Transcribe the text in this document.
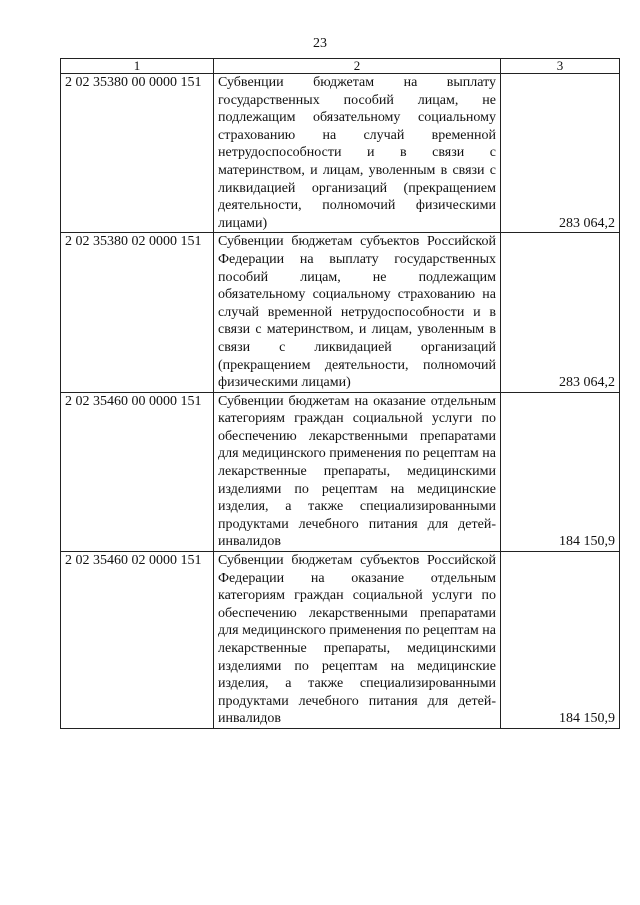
23
1	2	3
2 02 35380 00 0000 151	Субвенции бюджетам на выплату государственных пособий лицам, не подлежащим обязательному социальному страхованию на случай временной нетрудоспособности и в связи с материнством, и лицам, уволенным в связи с ликвидацией организаций (прекращением деятельности, полномочий физическими лицами)	283 064,2
2 02 35380 02 0000 151	Субвенции бюджетам субъектов Российской Федерации на выплату государственных пособий лицам, не подлежащим обязательному социальному страхованию на случай временной нетрудоспособности и в связи с материнством, и лицам, уволенным в связи с ликвидацией организаций (прекращением деятельности, полномочий физическими лицами)	283 064,2
2 02 35460 00 0000 151	Субвенции бюджетам на оказание отдельным категориям граждан социальной услуги по обеспечению лекарственными препаратами для медицинского применения по рецептам на лекарственные препараты, медицинскими изделиями по рецептам на медицинские изделия, а также специализированными продуктами лечебного питания для детей-инвалидов	184 150,9
2 02 35460 02 0000 151	Субвенции бюджетам субъектов Российской Федерации на оказание отдельным категориям граждан социальной услуги по обеспечению лекарственными препаратами для медицинского применения по рецептам на лекарственные препараты, медицинскими изделиями по рецептам на медицинские изделия, а также специализированными продуктами лечебного питания для детей-инвалидов	184 150,9
